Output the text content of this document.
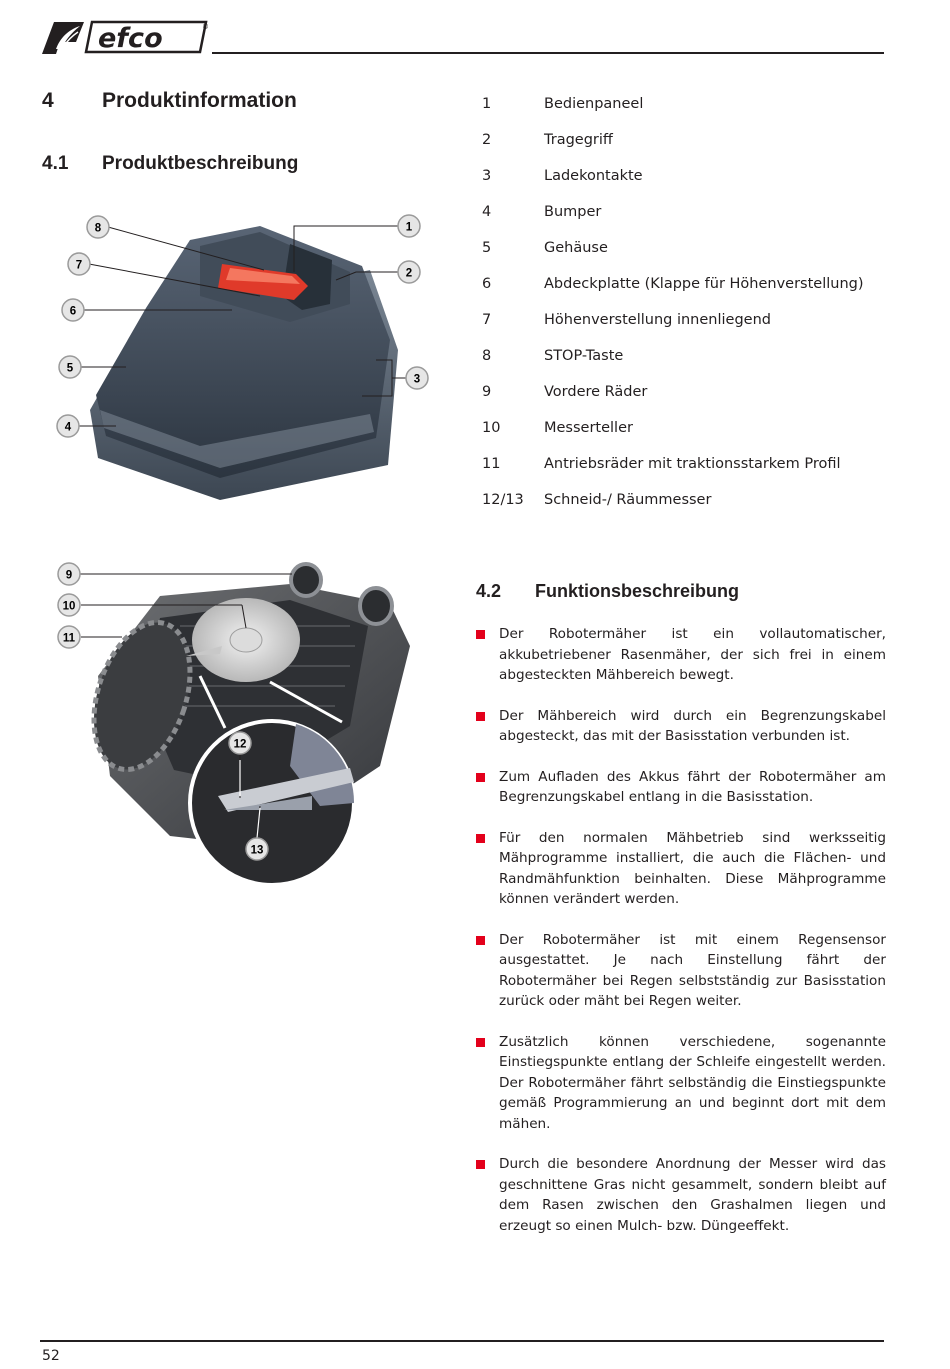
efco	®
4 Produktinformation
4.1 Produktbeschreibung
8
7
6
5
4
1
2
3
1	Bedienpaneel
2	Tragegriff
3	Ladekontakte
4	Bumper
5	Gehäuse
6	Abdeckplatte (Klappe für Höhenverstellung)
7	Höhenverstellung innenliegend
8	STOP-Taste
9	Vordere Räder
10	Messerteller
11	Antriebsräder mit traktionsstarkem Profil
12/13	Schneid-/ Räummesser
9
10
11
12
13
4.2 Funktionsbeschreibung
Der Robotermäher ist ein vollautomatischer, akkubetriebener Rasenmäher, der sich frei in einem abgesteckten Mähbereich bewegt.
Der Mähbereich wird durch ein Begrenzungskabel abgesteckt, das mit der Basisstation verbunden ist.
Zum Aufladen des Akkus fährt der Robotermäher am Begrenzungskabel entlang in die Basisstation.
Für den normalen Mähbetrieb sind werksseitig Mähprogramme installiert, die auch die Flächen- und Randmähfunktion beinhalten. Diese Mähprogramme können verändert werden.
Der Robotermäher ist mit einem Regensensor ausgestattet. Je nach Einstellung fährt der Robotermäher bei Regen selbstständig zur Basisstation zurück oder mäht bei Regen weiter.
Zusätzlich können verschiedene, sogenannte Einstiegspunkte entlang der Schleife eingestellt werden. Der Robotermäher fährt selbständig die Einstiegspunkte gemäß Programmierung an und beginnt dort mit dem mähen.
Durch die besondere Anordnung der Messer wird das geschnittene Gras nicht gesammelt, sondern bleibt auf dem Rasen zwischen den Grashalmen liegen und erzeugt so einen Mulch- bzw. Düngeeffekt.
52
